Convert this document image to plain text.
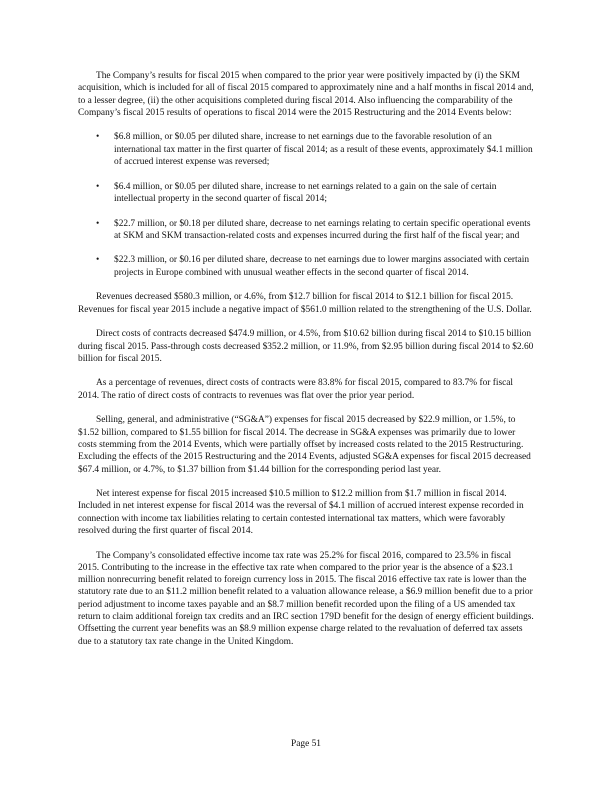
The Company’s results for fiscal 2015 when compared to the prior year were positively impacted by (i) the SKM acquisition, which is included for all of fiscal 2015 compared to approximately nine and a half months in fiscal 2014 and, to a lesser degree, (ii) the other acquisitions completed during fiscal 2014. Also influencing the comparability of the Company’s fiscal 2015 results of operations to fiscal 2014 were the 2015 Restructuring and the 2014 Events below:

• $6.8 million, or $0.05 per diluted share, increase to net earnings due to the favorable resolution of an international tax matter in the first quarter of fiscal 2014; as a result of these events, approximately $4.1 million of accrued interest expense was reversed;
• $6.4 million, or $0.05 per diluted share, increase to net earnings related to a gain on the sale of certain intellectual property in the second quarter of fiscal 2014;
• $22.7 million, or $0.18 per diluted share, decrease to net earnings relating to certain specific operational events at SKM and SKM transaction-related costs and expenses incurred during the first half of the fiscal year; and
• $22.3 million, or $0.16 per diluted share, decrease to net earnings due to lower margins associated with certain projects in Europe combined with unusual weather effects in the second quarter of fiscal 2014.

Revenues decreased $580.3 million, or 4.6%, from $12.7 billion for fiscal 2014 to $12.1 billion for fiscal 2015. Revenues for fiscal year 2015 include a negative impact of $561.0 million related to the strengthening of the U.S. Dollar.

Direct costs of contracts decreased $474.9 million, or 4.5%, from $10.62 billion during fiscal 2014 to $10.15 billion during fiscal 2015. Pass-through costs decreased $352.2 million, or 11.9%, from $2.95 billion during fiscal 2014 to $2.60 billion for fiscal 2015.

As a percentage of revenues, direct costs of contracts were 83.8% for fiscal 2015, compared to 83.7% for fiscal 2014. The ratio of direct costs of contracts to revenues was flat over the prior year period.

Selling, general, and administrative (“SG&A”) expenses for fiscal 2015 decreased by $22.9 million, or 1.5%, to $1.52 billion, compared to $1.55 billion for fiscal 2014. The decrease in SG&A expenses was primarily due to lower costs stemming from the 2014 Events, which were partially offset by increased costs related to the 2015 Restructuring. Excluding the effects of the 2015 Restructuring and the 2014 Events, adjusted SG&A expenses for fiscal 2015 decreased $67.4 million, or 4.7%, to $1.37 billion from $1.44 billion for the corresponding period last year.

Net interest expense for fiscal 2015 increased $10.5 million to $12.2 million from $1.7 million in fiscal 2014. Included in net interest expense for fiscal 2014 was the reversal of $4.1 million of accrued interest expense recorded in connection with income tax liabilities relating to certain contested international tax matters, which were favorably resolved during the first quarter of fiscal 2014.

The Company’s consolidated effective income tax rate was 25.2% for fiscal 2016, compared to 23.5% in fiscal 2015. Contributing to the increase in the effective tax rate when compared to the prior year is the absence of a $23.1 million nonrecurring benefit related to foreign currency loss in 2015. The fiscal 2016 effective tax rate is lower than the statutory rate due to an $11.2 million benefit related to a valuation allowance release, a $6.9 million benefit due to a prior period adjustment to income taxes payable and an $8.7 million benefit recorded upon the filing of a US amended tax return to claim additional foreign tax credits and an IRC section 179D benefit for the design of energy efficient buildings. Offsetting the current year benefits was an $8.9 million expense charge related to the revaluation of deferred tax assets due to a statutory tax rate change in the United Kingdom.

Page 51
